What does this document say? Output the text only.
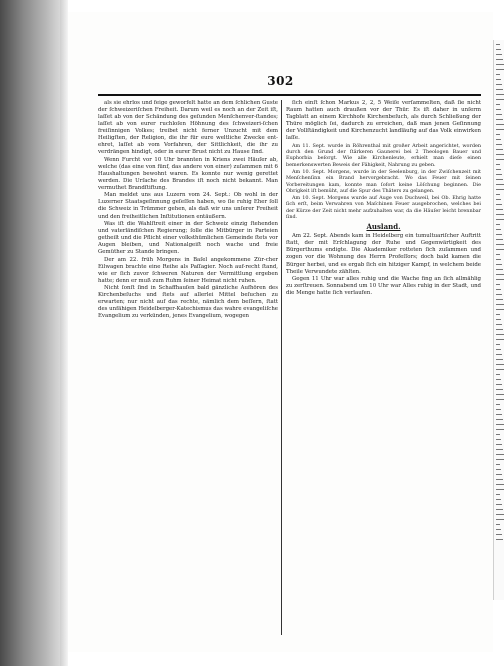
302

als sie ehrlos und feige geworfelt hatte an dem ſchlichen Guste der ſchweizeriſchen Freiheit. Darum weil es noch an der Zeit iſt, laſſet ab von der Schändung des geſunden Menſchenver-ſtandes; laſſet ab von eurer ruchloſen Höhnung des ſchweizeri-ſchen freiſinnigen Volkes; treibet nicht ferner Unzucht mit dem Heiligſten, der Religion, die ihr für eure weltliche Zwecke ent-ehret, laſſet ab vom Vorfahren, der Sittlichkeit, die ihr zu verdrängen hindigt, oder in eurer Brust nicht zu Hause ſind.

Wenn Furcht vor 10 Uhr brannten in Kriens zwei Häuſer ab, welche (das eine von fünf, das andere von einer) zuſammen mit 6 Haushaltungen bewohnt waren. Es konnte nur wenig gerettet werden. Die Urſache des Brandes iſt noch nicht bekannt. Man vermuthet Brandſtiftung.

Man meldet uns aus Luzern vom 24. Sept.: Ob wohl in der Luzerner Staatsgeſinnung geſeſſen haben, wo ſie ruhig Eher ſoll die Schweiz in Trümmer gehen, als daß wir uns unſerer Freiheit und den freiheitlichen Inſtitutionen entäußern.

Was iſt die Wahlſtreit einer in der Schweiz einzig ſtehenden und vaterländiſchen Regierung; ſolle die Mitbürger in Parteien getheilt und die Pflicht einer volksthümlichen Gemeinde ſtets vor Augen bleiben, und Nationalgeiſt noch wache und freie Gemüther zu Stande bringen.

Der am 22. früh Morgens in Baſel angekommene Zür-cher Eilwagen brachte eine Reihe als Paſſagier. Noch auf-recht ſtand, wie er ſich zuvor ſchweren Naturen der Vermittlung ergeben hatte; denn er muß zum Ruhm ſeiner Heimat nicht ruhen.

Nicht ſonſt ſind in Schaffhauſen bald gänzliche Aufhören des Kirchenbeſuchs und ſtets auf allerlei Mittel beſuchen zu erwarten; nur nicht auf das rechte, nämlich dem beſſern, ſtatt des unfähigen Heidelberger-Katechismus das wahre evangeliſche Evangelium zu verkünden, jenes Evangelium, wogegen

ſich einſt ſchon Markus 2, 2, 5 Weiſe verſammelten, daß ſie nicht Raum hatten auch draußen vor der Thür. Es iſt daher in unſerm Tagblatt an einem Kirchhofe Kirchenbeſuch, als durch Schließung der Thüre möglich ſei, dadurch zu erreichen, daß man jenen Geſinnung der Vollſtändigkeit und Kirchenzucht landläufig auf das Volk einwirken laſſe.

Am 11. Sept. wurde in Röhrenthal mit großer Arbeit angerichtet, worden durch den Grund der ſtärkeren Gaunerei bei 2 Theologen Bauer und Euphorbia beſorgt. Wie alle Kirchenleute, erhielt man dieſe einen bemerkenswerten Beweis der Fähigkeit, Nahrung zu geben.

Am 10. Sept. Morgens, wurde in der Seelenburg, in der Zwiſchenzeit mit Menſchenſinn ein Brand hervorgebracht. Wo das Feuer mit ſeinen Vorbereitungen kam, konnte man ſofort keine Löſchung beginnen. Die Obrigkeit iſt bemüht, auf die Spur des Thäters zu gelangen.

Am 10. Sept. Morgens wurde auf Auge von Duchweil, bei Ob. Ehrig hatte ſich erſt, beim Verwahren von Maſchinen Feuer ausgebrochen, welches bei der Kürze der Zeit nicht mehr aufzuhalten war, da die Häuſer leicht brennbar ſind.

Ausland.

Am 22. Sept. Abends kam in Heidelberg ein tumultuariſcher Auftritt ſtatt, der mit Erſchlagung der Ruhe und Gegenwärtigkeit des Bürgerthums endigte. Die Akademiker rotteten ſich zuſammen und zogen vor die Wohnung des Herrn Profeſſors; doch bald kamen die Bürger herbei, und es ergab ſich ein hitziger Kampf, in welchem beide Theile Verwundete zählten.

Gegen 11 Uhr war alles ruhig und die Wache fing an ſich allmählig zu zerſtreuen. Sonnabend um 10 Uhr war Alles ruhig in der Stadt, und die Menge hatte ſich verlaufen.
